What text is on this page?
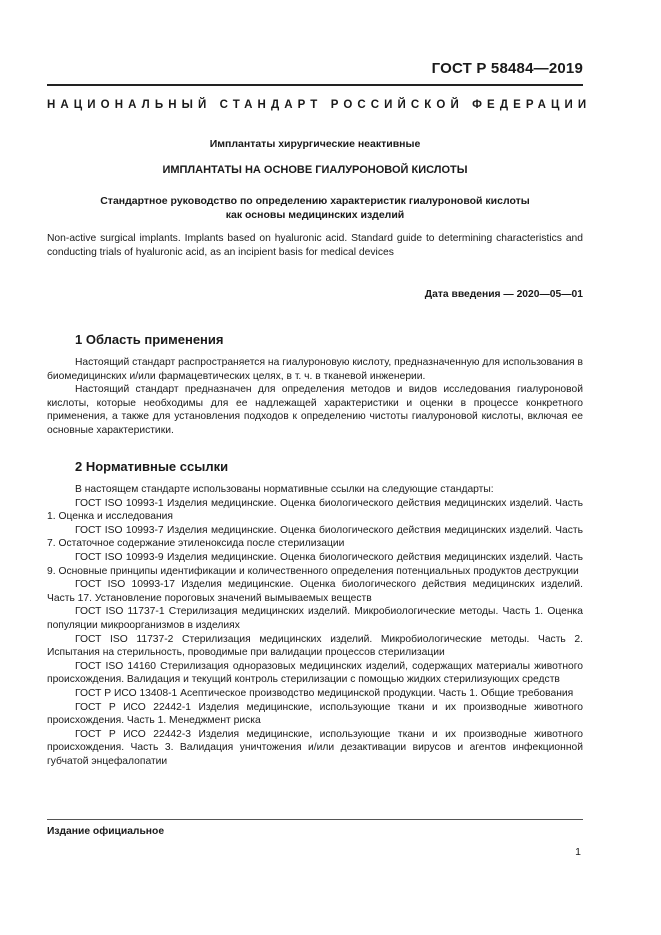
ГОСТ Р 58484—2019
НАЦИОНАЛЬНЫЙ СТАНДАРТ РОССИЙСКОЙ ФЕДЕРАЦИИ
Имплантаты хирургические неактивные
ИМПЛАНТАТЫ НА ОСНОВЕ ГИАЛУРОНОВОЙ КИСЛОТЫ
Стандартное руководство по определению характеристик гиалуроновой кислоты
как основы медицинских изделий
Non-active surgical implants. Implants based on hyaluronic acid. Standard guide to determining characteristics and conducting trials of hyaluronic acid, as an incipient basis for medical devices
Дата введения — 2020—05—01
1 Область применения

Настоящий стандарт распространяется на гиалуроновую кислоту, предназначенную для использования в биомедицинских и/или фармацевтических целях, в т. ч. в тканевой инженерии.

Настоящий стандарт предназначен для определения методов и видов исследования гиалуроновой кислоты, которые необходимы для ее надлежащей характеристики и оценки в процессе конкретного применения, а также для установления подходов к определению чистоты гиалуроновой кислоты, включая ее основные характеристики.

2 Нормативные ссылки

В настоящем стандарте использованы нормативные ссылки на следующие стандарты:

ГОСТ ISO 10993-1 Изделия медицинские. Оценка биологического действия медицинских изделий. Часть 1. Оценка и исследования

ГОСТ ISO 10993-7 Изделия медицинские. Оценка биологического действия медицинских изделий. Часть 7. Остаточное содержание этиленоксида после стерилизации

ГОСТ ISO 10993-9 Изделия медицинские. Оценка биологического действия медицинских изделий. Часть 9. Основные принципы идентификации и количественного определения потенциальных продуктов деструкции

ГОСТ ISO 10993-17 Изделия медицинские. Оценка биологического действия медицинских изделий. Часть 17. Установление пороговых значений вымываемых веществ

ГОСТ ISO 11737-1 Стерилизация медицинских изделий. Микробиологические методы. Часть 1. Оценка популяции микроорганизмов в изделиях

ГОСТ ISO 11737-2 Стерилизация медицинских изделий. Микробиологические методы. Часть 2. Испытания на стерильность, проводимые при валидации процессов стерилизации

ГОСТ ISO 14160 Стерилизация одноразовых медицинских изделий, содержащих материалы животного происхождения. Валидация и текущий контроль стерилизации с помощью жидких стерилизующих средств

ГОСТ Р ИСО 13408-1 Асептическое производство медицинской продукции. Часть 1. Общие требования

ГОСТ Р ИСО 22442-1 Изделия медицинские, использующие ткани и их производные животного происхождения. Часть 1. Менеджмент риска

ГОСТ Р ИСО 22442-3 Изделия медицинские, использующие ткани и их производные животного происхождения. Часть 3. Валидация уничтожения и/или дезактивации вирусов и агентов инфекционной губчатой энцефалопатии

Издание официальное
1
